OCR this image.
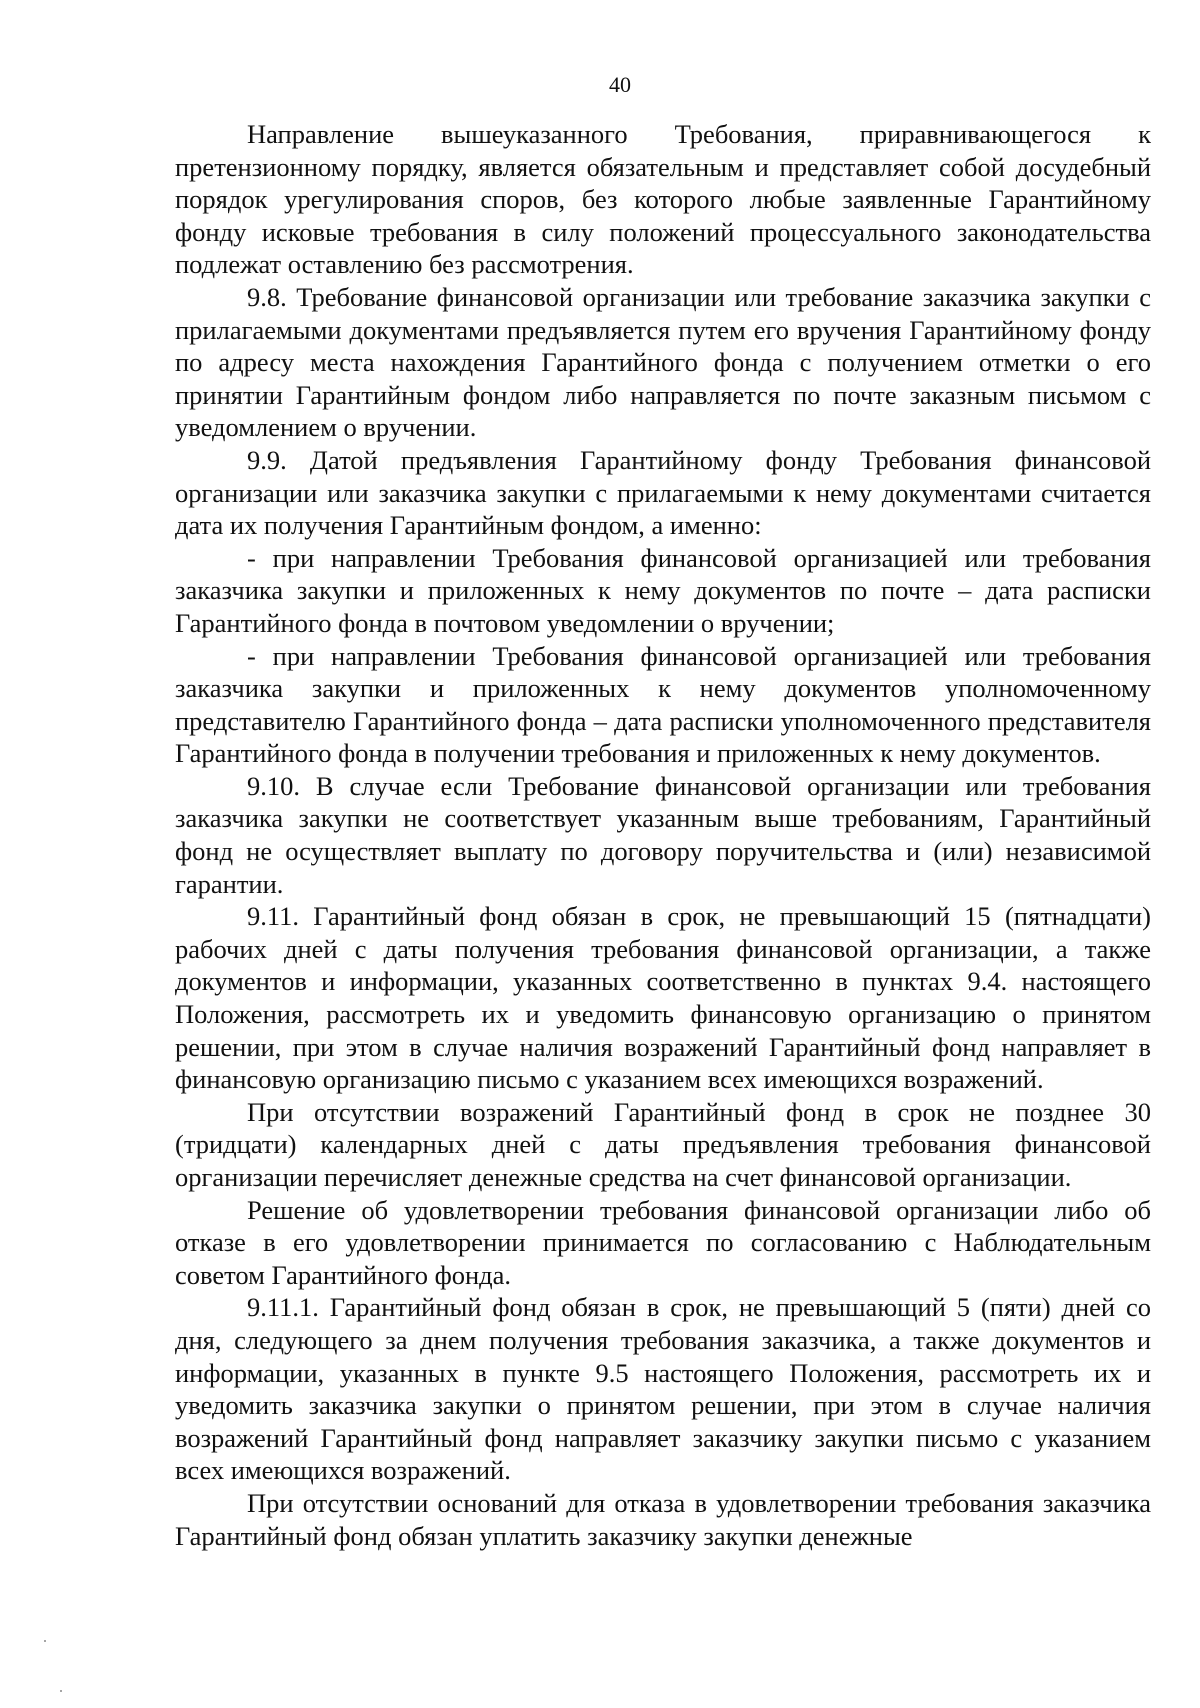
40

Направление вышеуказанного Требования, приравнивающегося к претензионному порядку, является обязательным и представляет собой досудебный порядок урегулирования споров, без которого любые заявленные Гарантийному фонду исковые требования в силу положений процессуального законодательства подлежат оставлению без рассмотрения.

9.8. Требование финансовой организации или требование заказчика закупки с прилагаемыми документами предъявляется путем его вручения Гарантийному фонду по адресу места нахождения Гарантийного фонда с получением отметки о его принятии Гарантийным фондом либо направляется по почте заказным письмом с уведомлением о вручении.

9.9. Датой предъявления Гарантийному фонду Требования финансовой организации или заказчика закупки с прилагаемыми к нему документами считается дата их получения Гарантийным фондом, а именно:

- при направлении Требования финансовой организацией или требования заказчика закупки и приложенных к нему документов по почте – дата расписки Гарантийного фонда в почтовом уведомлении о вручении;

- при направлении Требования финансовой организацией или требования заказчика закупки и приложенных к нему документов уполномоченному представителю Гарантийного фонда – дата расписки уполномоченного представителя Гарантийного фонда в получении требования и приложенных к нему документов.

9.10. В случае если Требование финансовой организации или требования заказчика закупки не соответствует указанным выше требованиям, Гарантийный фонд не осуществляет выплату по договору поручительства и (или) независимой гарантии.

9.11. Гарантийный фонд обязан в срок, не превышающий 15 (пятнадцати) рабочих дней с даты получения требования финансовой организации, а также документов и информации, указанных соответственно в пунктах 9.4. настоящего Положения, рассмотреть их и уведомить финансовую организацию о принятом решении, при этом в случае наличия возражений Гарантийный фонд направляет в финансовую организацию письмо с указанием всех имеющихся возражений.

При отсутствии возражений Гарантийный фонд в срок не позднее 30 (тридцати) календарных дней с даты предъявления требования финансовой организации перечисляет денежные средства на счет финансовой организации.

Решение об удовлетворении требования финансовой организации либо об отказе в его удовлетворении принимается по согласованию с Наблюдательным советом Гарантийного фонда.

9.11.1. Гарантийный фонд обязан в срок, не превышающий 5 (пяти) дней со дня, следующего за днем получения требования заказчика, а также документов и информации, указанных в пункте 9.5 настоящего Положения, рассмотреть их и уведомить заказчика закупки о принятом решении, при этом в случае наличия возражений Гарантийный фонд направляет заказчику закупки письмо с указанием всех имеющихся возражений.

При отсутствии оснований для отказа в удовлетворении требования заказчика Гарантийный фонд обязан уплатить заказчику закупки денежные
